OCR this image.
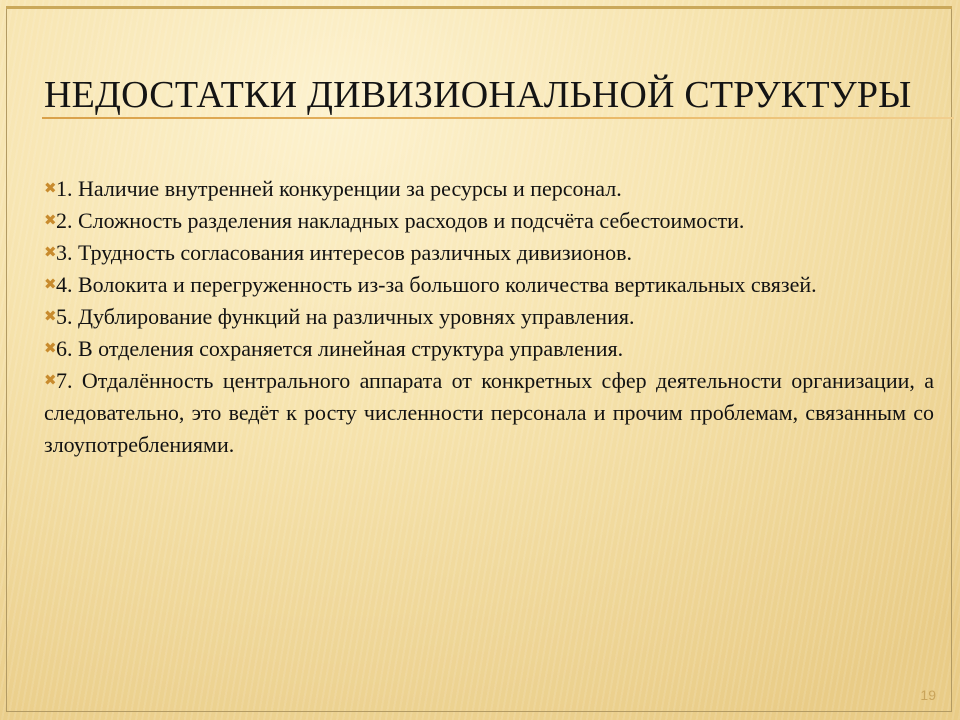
НЕДОСТАТКИ ДИВИЗИОНАЛЬНОЙ СТРУКТУРЫ

✖1. Наличие внутренней конкуренции за ресурсы и персонал.

✖2. Сложность разделения накладных расходов и подсчёта себестоимости.

✖3. Трудность согласования интересов различных дивизионов.

✖4. Волокита и перегруженность из-за большого количества вертикальных связей.

✖5. Дублирование функций на различных уровнях управления.

✖6. В отделения сохраняется линейная структура управления.

✖7. Отдалённость центрального аппарата от конкретных сфер деятельности организации, а следовательно, это ведёт к росту численности персонала и прочим проблемам, связанным со злоупотреблениями.

19
